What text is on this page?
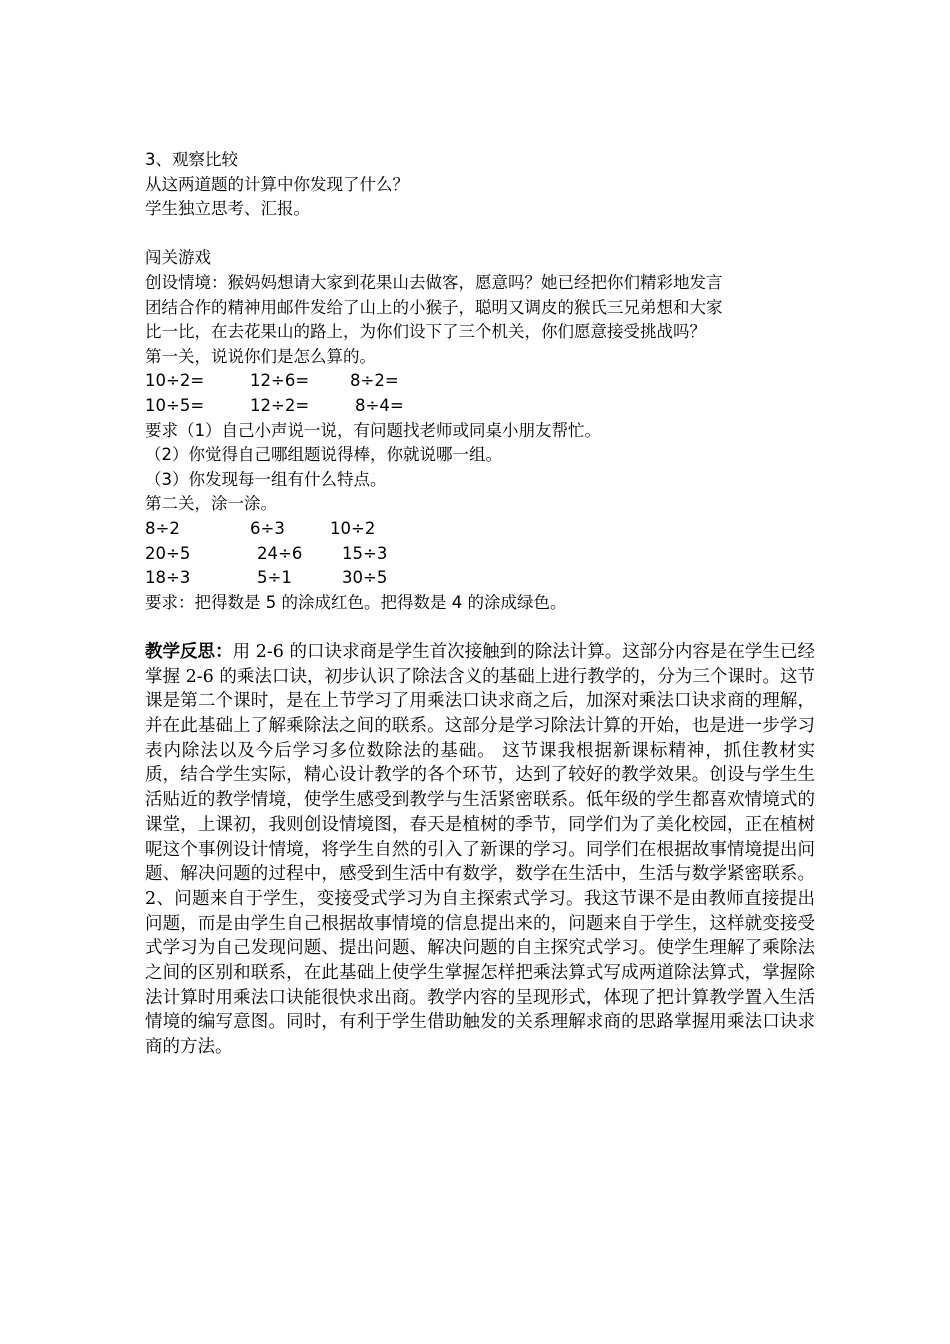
3、观察比较

从这两道题的计算中你发现了什么？

学生独立思考、汇报。

闯关游戏

创设情境：猴妈妈想请大家到花果山去做客，愿意吗？她已经把你们精彩地发言

团结合作的精神用邮件发给了山上的小猴子，聪明又调皮的猴氏三兄弟想和大家

比一比，在去花果山的路上，为你们设下了三个机关，你们愿意接受挑战吗？

第一关，说说你们是怎么算的。

10÷2=	12÷6= 8÷2=

10÷5=	12÷2=	8÷4=

要求（1）自己小声说一说，有问题找老师或同桌小朋友帮忙。

（2）你觉得自己哪组题说得棒，你就说哪一组。

（3）你发现每一组有什么特点。

第二关，涂一涂。

8÷2	6÷3	10÷2

20÷5	24÷6 15÷3

18÷3	5÷1	30÷5

要求：把得数是 5 的涂成红色。把得数是 4 的涂成绿色。

教学反思：用 2-6 的口诀求商是学生首次接触到的除法计算。这部分内容是在学生已经掌握 2-6 的乘法口诀，初步认识了除法含义的基础上进行教学的，分为三个课时。这节课是第二个课时，是在上节学习了用乘法口诀求商之后，加深对乘法口诀求商的理解，并在此基础上了解乘除法之间的联系。这部分是学习除法计算的开始，也是进一步学习表内除法以及今后学习多位数除法的基础。 这节课我根据新课标精神，抓住教材实质，结合学生实际，精心设计教学的各个环节，达到了较好的教学效果。创设与学生生活贴近的教学情境，使学生感受到教学与生活紧密联系。低年级的学生都喜欢情境式的课堂，上课初，我则创设情境图，春天是植树的季节，同学们为了美化校园，正在植树呢这个事例设计情境，将学生自然的引入了新课的学习。同学们在根据故事情境提出问题、解决问题的过程中，感受到生活中有数学，数学在生活中，生活与数学紧密联系。2、问题来自于学生，变接受式学习为自主探索式学习。我这节课不是由教师直接提出问题，而是由学生自己根据故事情境的信息提出来的，问题来自于学生，这样就变接受式学习为自己发现问题、提出问题、解决问题的自主探究式学习。使学生理解了乘除法之间的区别和联系，在此基础上使学生掌握怎样把乘法算式写成两道除法算式，掌握除法计算时用乘法口诀能很快求出商。教学内容的呈现形式，体现了把计算教学置入生活情境的编写意图。同时，有利于学生借助触发的关系理解求商的思路掌握用乘法口诀求商的方法。
